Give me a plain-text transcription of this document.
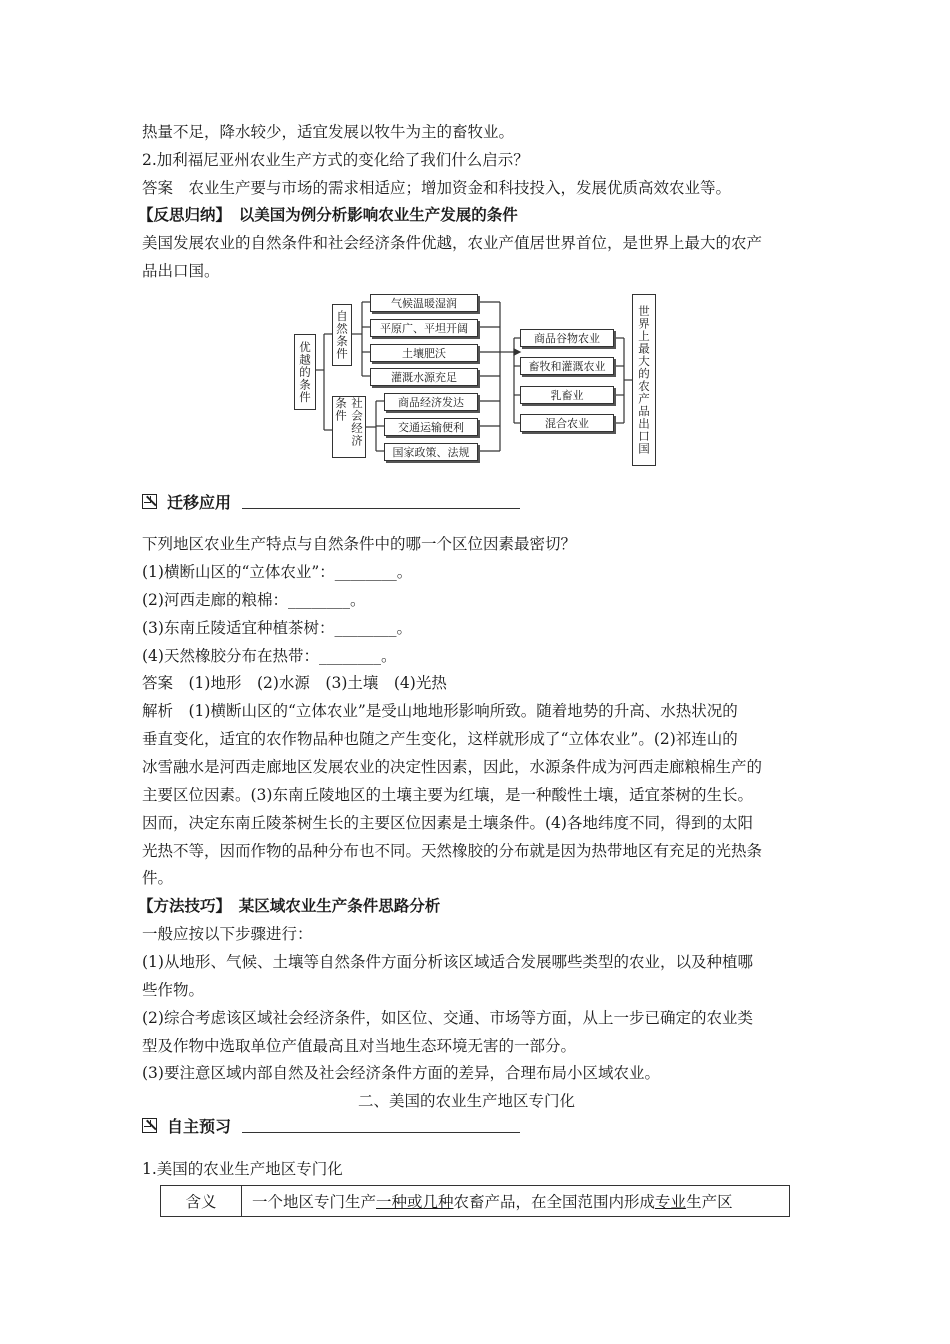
热量不足，降水较少，适宜发展以牧牛为主的畜牧业。
2.加利福尼亚州农业生产方式的变化给了我们什么启示？
答案　农业生产要与市场的需求相适应；增加资金和科技投入，发展优质高效农业等。
【反思归纳】　以美国为例分析影响农业生产发展的条件
美国发展农业的自然条件和社会经济条件优越，农业产值居世界首位，是世界上最大的农产
品出口国。
优越的条件
自然条件
社会经济条件
气候温暖湿润
平原广、平坦开阔
土壤肥沃
灌溉水源充足
商品经济发达
交通运输便利
国家政策、法规
商品谷物农业
畜牧和灌溉农业
乳畜业
混合农业	世界上最大的农产品出口国
迁移应用
下列地区农业生产特点与自然条件中的哪一个区位因素最密切？
(1)横断山区的“立体农业”：________。
(2)河西走廊的粮棉：________。
(3)东南丘陵适宜种植茶树：________。
(4)天然橡胶分布在热带：________。
答案　(1)地形　(2)水源　(3)土壤　(4)光热
解析　(1)横断山区的“立体农业”是受山地地形影响所致。随着地势的升高、水热状况的
垂直变化，适宜的农作物品种也随之产生变化，这样就形成了“立体农业”。(2)祁连山的
冰雪融水是河西走廊地区发展农业的决定性因素，因此，水源条件成为河西走廊粮棉生产的
主要区位因素。(3)东南丘陵地区的土壤主要为红壤，是一种酸性土壤，适宜茶树的生长。
因而，决定东南丘陵茶树生长的主要区位因素是土壤条件。(4)各地纬度不同，得到的太阳
光热不等，因而作物的品种分布也不同。天然橡胶的分布就是因为热带地区有充足的光热条
件。
【方法技巧】　某区域农业生产条件思路分析
一般应按以下步骤进行：
(1)从地形、气候、土壤等自然条件方面分析该区域适合发展哪些类型的农业，以及种植哪
些作物。
(2)综合考虑该区域社会经济条件，如区位、交通、市场等方面，从上一步已确定的农业类
型及作物中选取单位产值最高且对当地生态环境无害的一部分。
(3)要注意区域内部自然及社会经济条件方面的差异，合理布局小区域农业。
二、美国的农业生产地区专门化
自主预习
1.美国的农业生产地区专门化
含义	一个地区专门生产一种或几种农畜产品，在全国范围内形成专业生产区
